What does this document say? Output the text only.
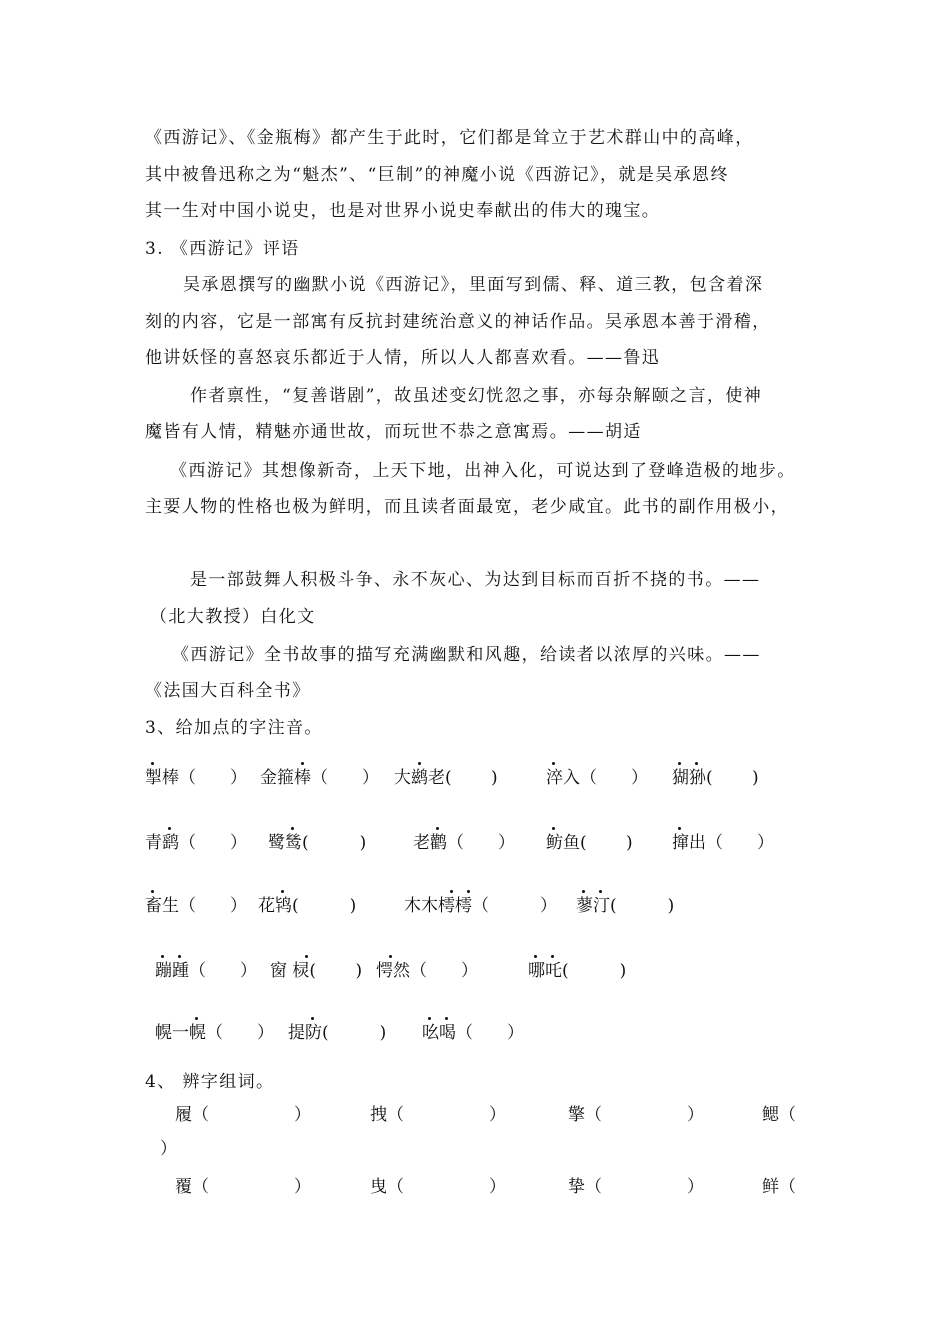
《西游记》、《金瓶梅》都产生于此时，它们都是耸立于艺术群山中的高峰，
其中被鲁迅称之为“魁杰”、“巨制”的神魔小说《西游记》，就是吴承恩终
其一生对中国小说史，也是对世界小说史奉献出的伟大的瑰宝。
3. 《西游记》评语
吴承恩撰写的幽默小说《西游记》，里面写到儒、释、道三教，包含着深
刻的内容，它是一部寓有反抗封建统治意义的神话作品。吴承恩本善于滑稽，
他讲妖怪的喜怒哀乐都近于人情，所以人人都喜欢看。——鲁迅
作者禀性，“复善谐剧”，故虽述变幻恍忽之事，亦每杂解颐之言，使神
魔皆有人情，精魅亦通世故，而玩世不恭之意寓焉。——胡适
《西游记》其想像新奇，上天下地，出神入化，可说达到了登峰造极的地步。
主要人物的性格也极为鲜明，而且读者面最宽，老少咸宜。此书的副作用极小，
是一部鼓舞人积极斗争、永不灰心、为达到目标而百折不挠的书。——
（北大教授）白化文
《西游记》全书故事的描写充满幽默和风趣，给读者以浓厚的兴味。——
《法国大百科全书》
3、给加点的字注音。
掣棒（　　） 金箍棒（　　） 大鹚老(　　 )	淬入（　　） 猢狲(　　 )
青鹞（　　） 鹭鸶(　　　)	老鹳（　　） 鲂鱼(　　 ) 撺出（　　）
畜生（　　） 花鸨(　　　)	木木樗樗（　　　） 蓼汀(　　　)
蹦踵（　　） 窗 棂(　　 ) 愕然（　　）	哪吒(　　　)
幌一幌（　　） 提防(　　　) 吆喝（　　）
4、 辨字组词。
履（　　　　　）	拽（　　　　　）	擎（　　　　　）	鳃（
）
覆（　　　　　）	曳（　　　　　）	挚（　　　　　）	鲜（
